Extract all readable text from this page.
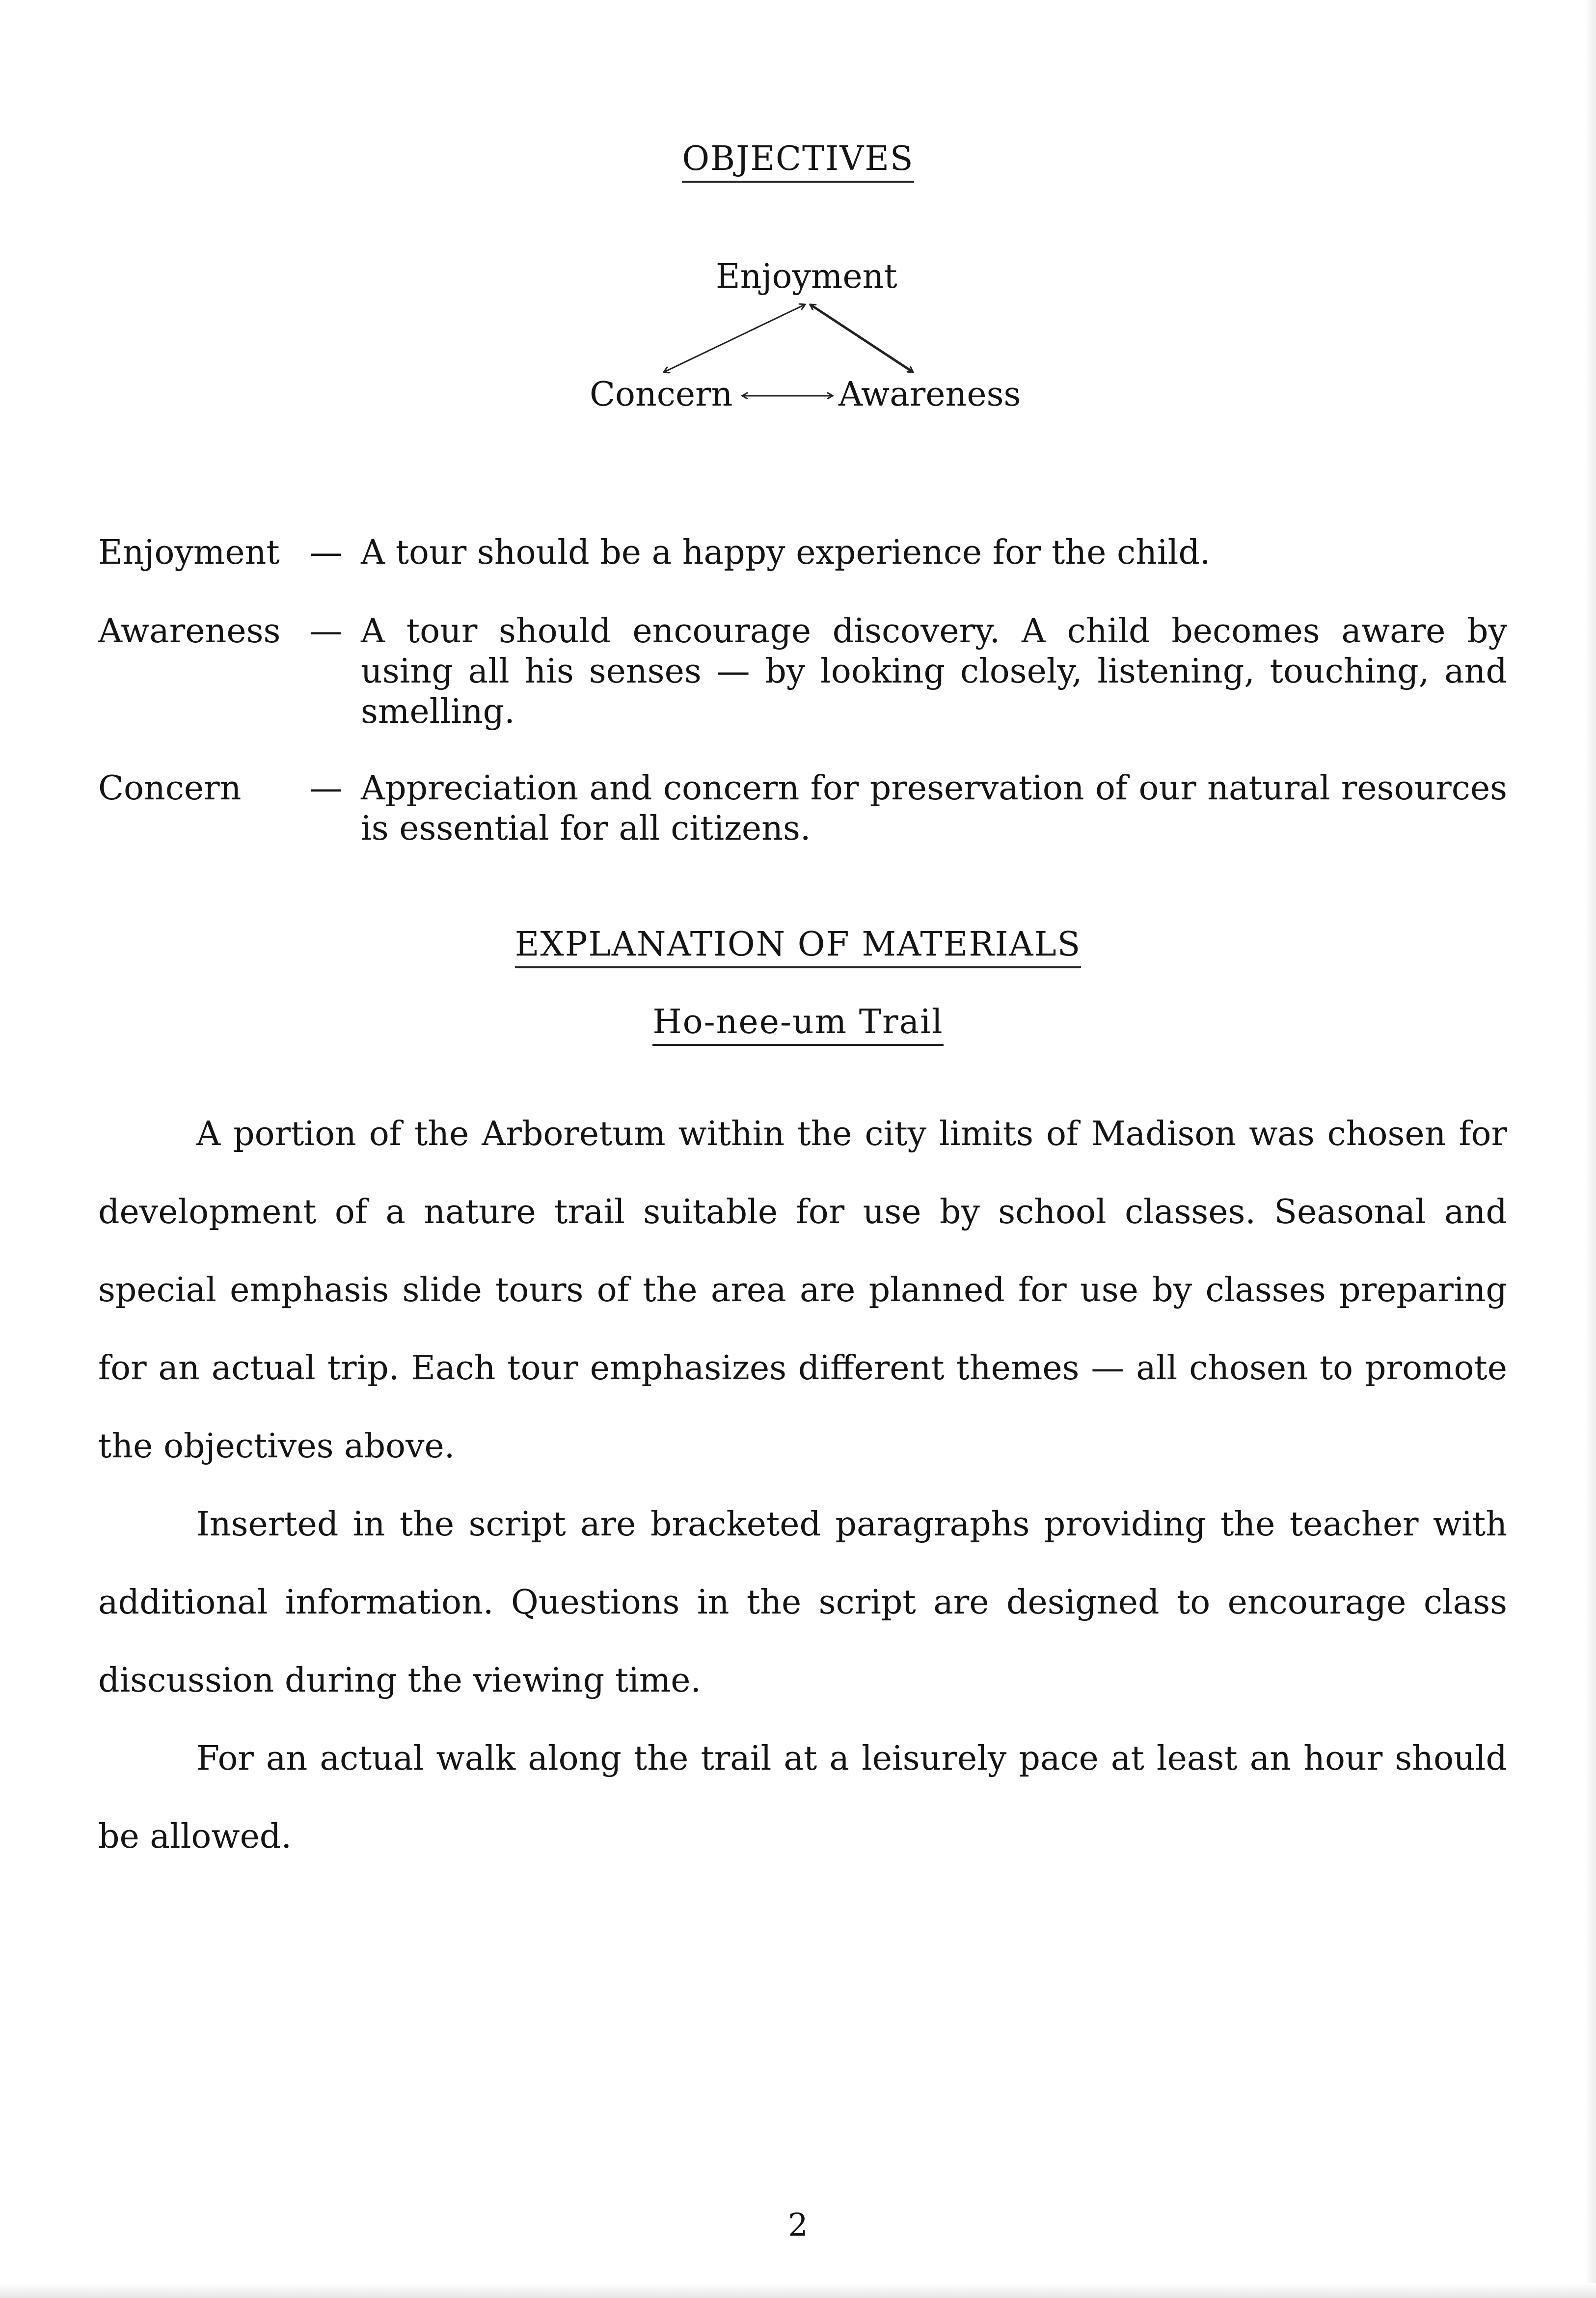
OBJECTIVES
Enjoyment
Concern	Awareness
Enjoyment — A tour should be a happy experience for the child.
Awareness — A tour should encourage discovery. A child becomes aware by using all his senses — by looking closely, listening, touching, and smelling.
Concern	— Appreciation and concern for preservation of our natural resources is essential for all citizens.
EXPLANATION OF MATERIALS
Ho-nee-um Trail

A portion of the Arboretum within the city limits of Madison was chosen for development of a nature trail suitable for use by school classes. Seasonal and special emphasis slide tours of the area are planned for use by classes preparing for an actual trip. Each tour emphasizes different themes — all chosen to promote the objectives above.

Inserted in the script are bracketed paragraphs providing the teacher with additional information. Questions in the script are designed to encourage class discussion during the viewing time.

For an actual walk along the trail at a leisurely pace at least an hour should be allowed.

2
